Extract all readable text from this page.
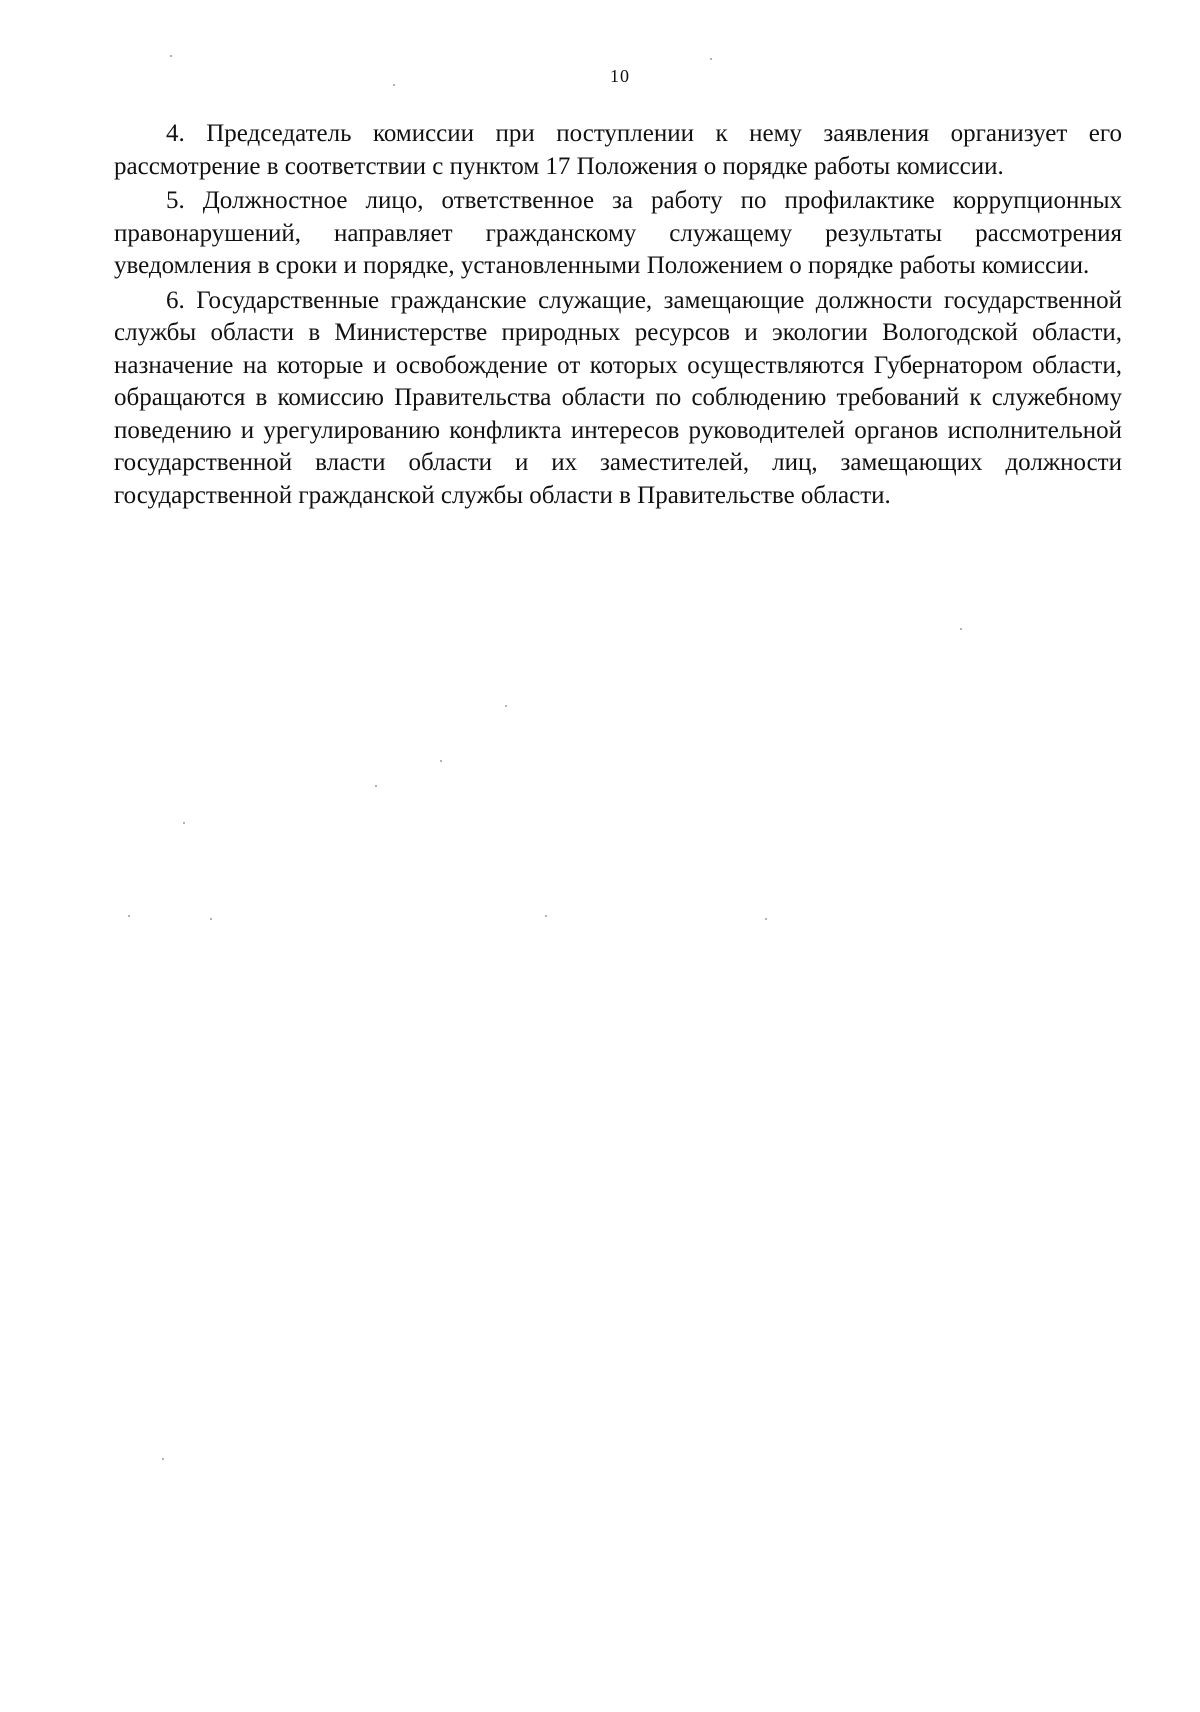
10

4. Председатель комиссии при поступлении к нему заявления организует его рассмотрение в соответствии с пунктом 17 Положения о порядке работы комиссии.

5. Должностное лицо, ответственное за работу по профилактике коррупционных правонарушений, направляет гражданскому служащему результаты рассмотрения уведомления в сроки и порядке, установленными Положением о порядке работы комиссии.

6. Государственные гражданские служащие, замещающие должности государственной службы области в Министерстве природных ресурсов и экологии Вологодской области, назначение на которые и освобождение от которых осуществляются Губернатором области, обращаются в комиссию Правительства области по соблюдению требований к служебному поведению и урегулированию конфликта интересов руководителей органов исполнительной государственной власти области и их заместителей, лиц, замещающих должности государственной гражданской службы области в Правительстве области.
